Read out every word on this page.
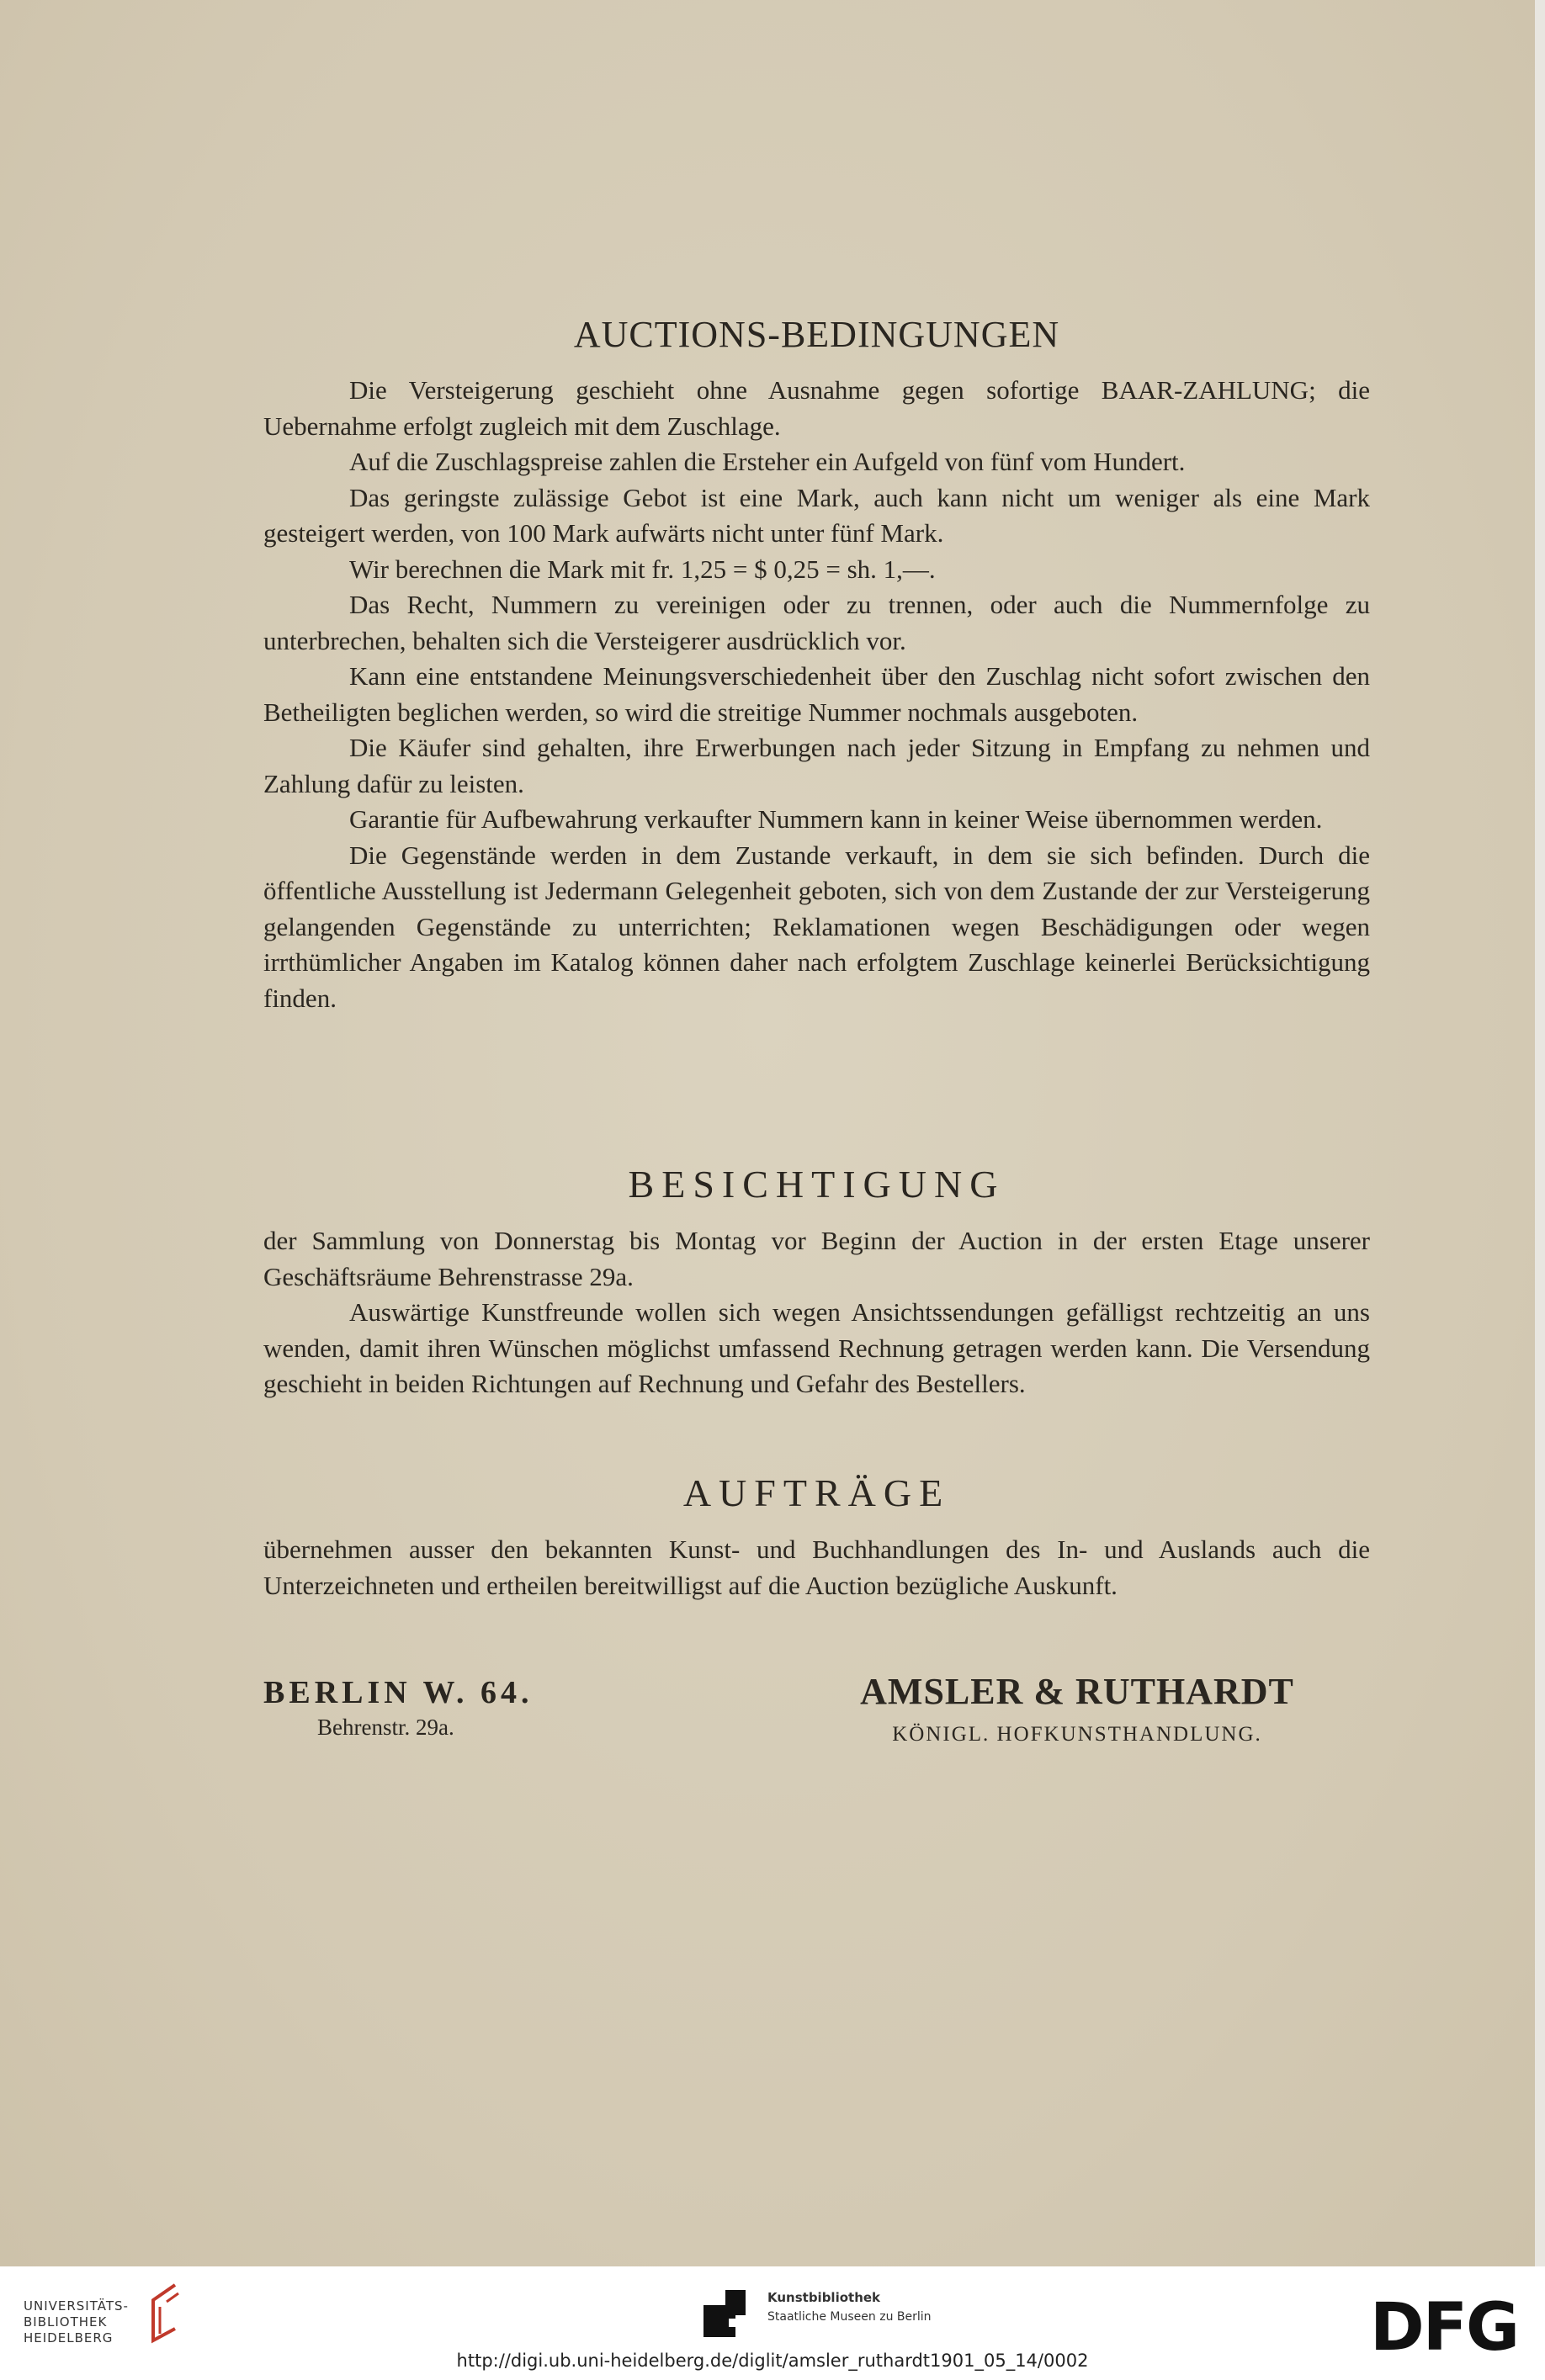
AUCTIONS-BEDINGUNGEN

Die Versteigerung geschieht ohne Ausnahme gegen sofortige BAAR-ZAHLUNG; die Uebernahme erfolgt zugleich mit dem Zuschlage.

Auf die Zuschlagspreise zahlen die Ersteher ein Aufgeld von fünf vom Hundert.

Das geringste zulässige Gebot ist eine Mark, auch kann nicht um weniger als eine Mark gesteigert werden, von 100 Mark aufwärts nicht unter fünf Mark.

Wir berechnen die Mark mit fr. 1,25 = $ 0,25 = sh. 1,—.

Das Recht, Nummern zu vereinigen oder zu trennen, oder auch die Nummernfolge zu unterbrechen, behalten sich die Versteigerer ausdrücklich vor.

Kann eine entstandene Meinungsverschiedenheit über den Zuschlag nicht sofort zwischen den Betheiligten beglichen werden, so wird die streitige Nummer nochmals ausgeboten.

Die Käufer sind gehalten, ihre Erwerbungen nach jeder Sitzung in Empfang zu nehmen und Zahlung dafür zu leisten.

Garantie für Aufbewahrung verkaufter Nummern kann in keiner Weise übernommen werden.

Die Gegenstände werden in dem Zustande verkauft, in dem sie sich befinden. Durch die öffentliche Ausstellung ist Jedermann Gelegenheit geboten, sich von dem Zustande der zur Versteigerung gelangenden Gegenstände zu unterrichten; Reklamationen wegen Beschädigungen oder wegen irrthümlicher Angaben im Katalog können daher nach erfolgtem Zuschlage keinerlei Berücksichtigung finden.

BESICHTIGUNG

der Sammlung von Donnerstag bis Montag vor Beginn der Auction in der ersten Etage unserer Geschäftsräume Behrenstrasse 29a.

Auswärtige Kunstfreunde wollen sich wegen Ansichtssendungen gefälligst rechtzeitig an uns wenden, damit ihren Wünschen möglichst umfassend Rechnung getragen werden kann. Die Versendung geschieht in beiden Richtungen auf Rechnung und Gefahr des Bestellers.

AUFTRÄGE

übernehmen ausser den bekannten Kunst- und Buchhandlungen des In- und Auslands auch die Unterzeichneten und ertheilen bereitwilligst auf die Auction bezügliche Auskunft.

BERLIN W. 64.
Behrenstr. 29a.
AMSLER & RUTHARDT
KÖNIGL. HOFKUNSTHANDLUNG.
UNIVERSITÄTS-
BIBLIOTHEK
HEIDELBERG
Kunstbibliothek
Staatliche Museen zu Berlin	DFG
http://digi.ub.uni-heidelberg.de/diglit/amsler_ruthardt1901_05_14/0002
